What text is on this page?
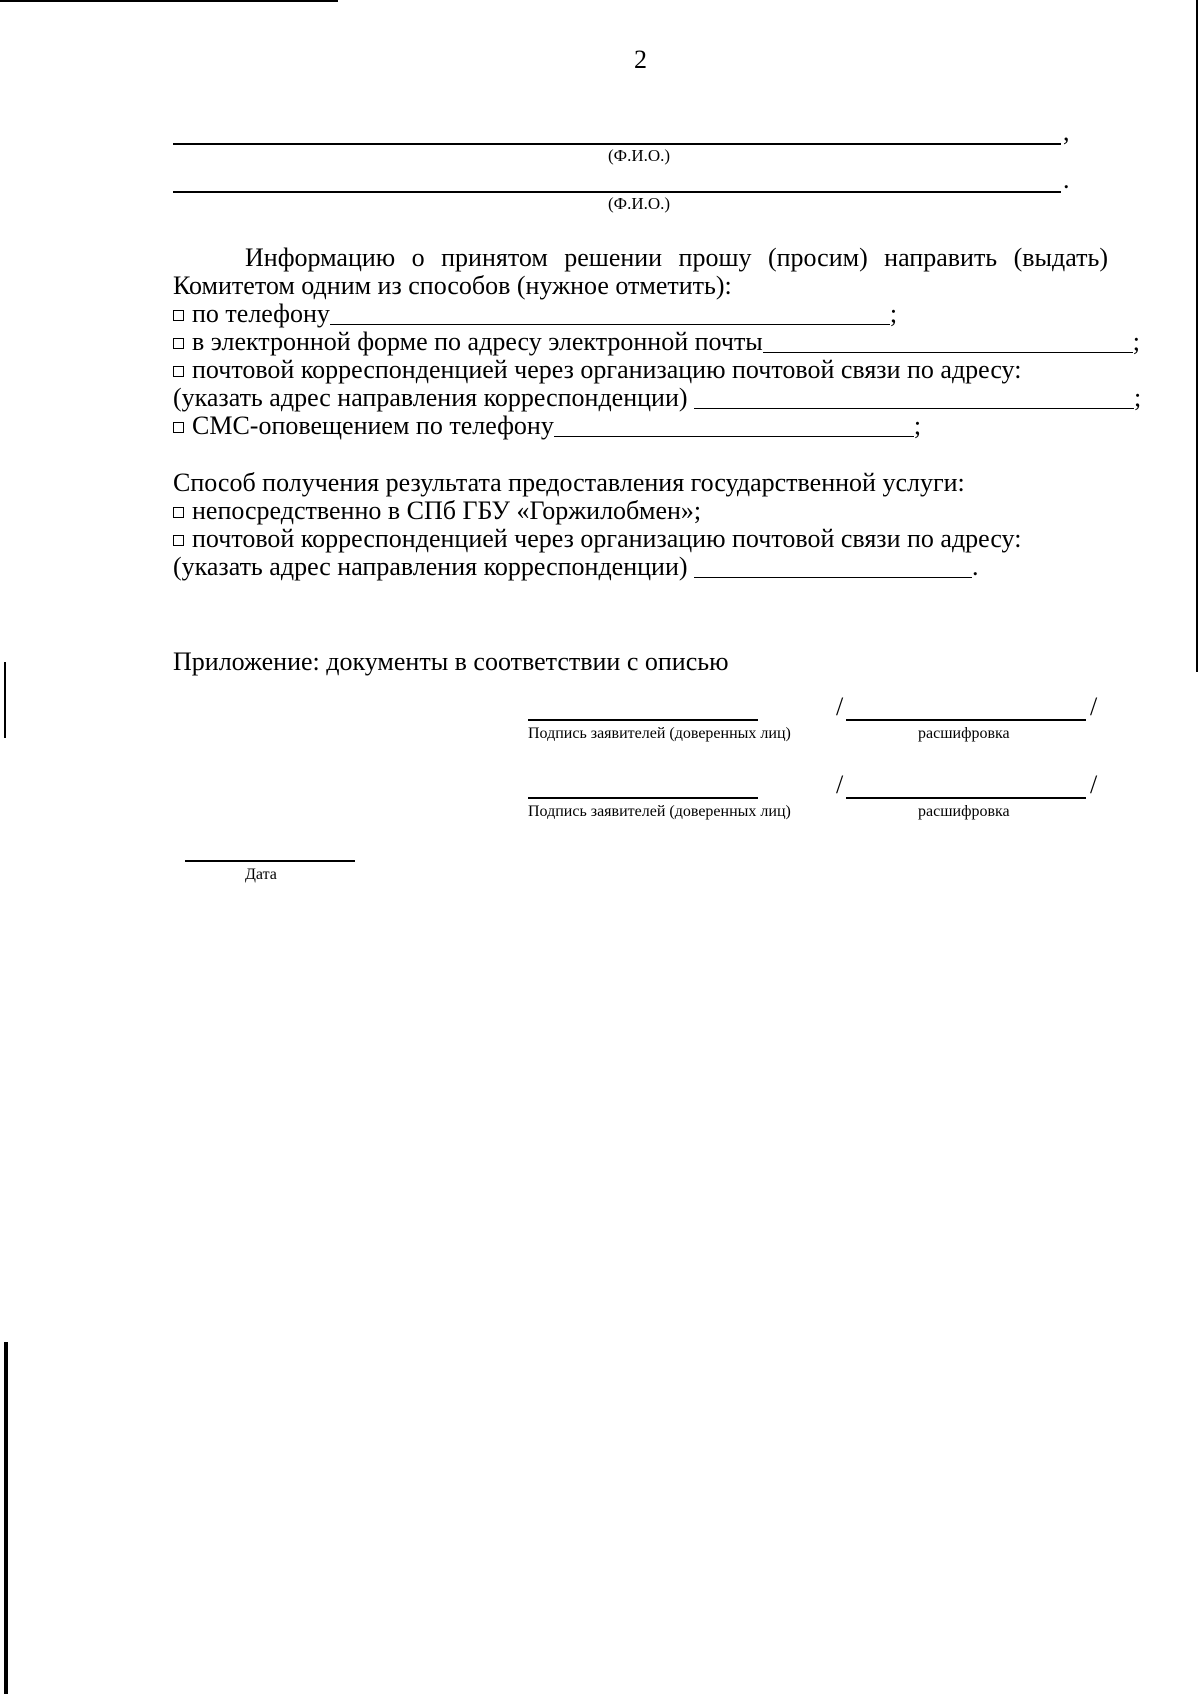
2
,
(Ф.И.О.)
.
(Ф.И.О.)
Информацию о принятом решении прошу (просим) направить (выдать)
Комитетом одним из способов (нужное отметить):
по телефону	;
в электронной форме по адресу электронной почты	;
почтовой корреспонденцией через организацию почтовой связи по адресу:
(указать адрес направления корреспонденции)	;
СМС-оповещением по телефону	;
Способ получения результата предоставления государственной услуги:
непосредственно в СПб ГБУ «Горжилобмен»;
почтовой корреспонденцией через организацию почтовой связи по адресу:
(указать адрес направления корреспонденции)	.
Приложение: документы в соответствии с описью
/	/
Подпись заявителей (доверенных лиц)	расшифровка
/	/
Подпись заявителей (доверенных лиц)	расшифровка
Дата
